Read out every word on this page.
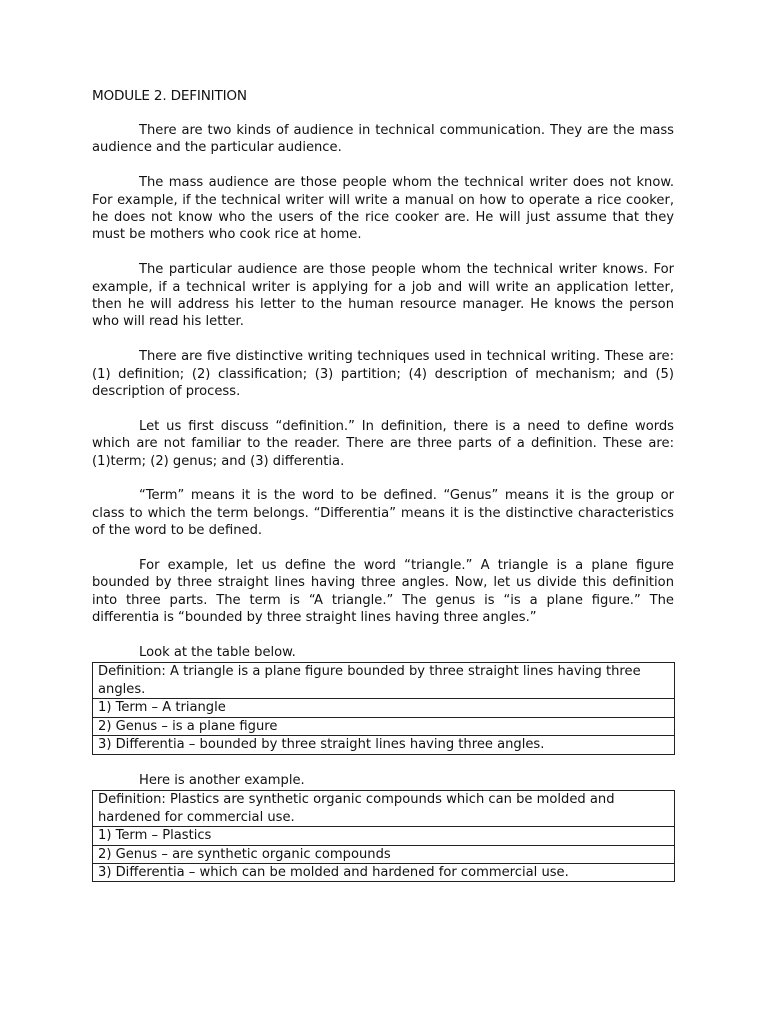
MODULE 2. DEFINITION

There are two kinds of audience in technical communication. They are the mass audience and the particular audience.

The mass audience are those people whom the technical writer does not know. For example, if the technical writer will write a manual on how to operate a rice cooker, he does not know who the users of the rice cooker are. He will just assume that they must be mothers who cook rice at home.

The particular audience are those people whom the technical writer knows. For example, if a technical writer is applying for a job and will write an application letter, then he will address his letter to the human resource manager. He knows the person who will read his letter.

There are five distinctive writing techniques used in technical writing. These are: (1) definition; (2) classification; (3) partition; (4) description of mechanism; and (5) description of process.

Let us first discuss “definition.” In definition, there is a need to define words which are not familiar to the reader. There are three parts of a definition. These are: (1)term; (2) genus; and (3) differentia.

“Term” means it is the word to be defined. “Genus” means it is the group or class to which the term belongs. “Differentia” means it is the distinctive characteristics of the word to be defined.

For example, let us define the word “triangle.” A triangle is a plane figure bounded by three straight lines having three angles. Now, let us divide this definition into three parts. The term is “A triangle.” The genus is “is a plane figure.” The differentia is “bounded by three straight lines having three angles.”

Look at the table below.

Definition: A triangle is a plane figure bounded by three straight lines having three angles.
1) Term – A triangle
2) Genus – is a plane figure
3) Differentia – bounded by three straight lines having three angles.

Here is another example.

Definition: Plastics are synthetic organic compounds which can be molded and hardened for commercial use.
1) Term – Plastics
2) Genus – are synthetic organic compounds
3) Differentia – which can be molded and hardened for commercial use.
